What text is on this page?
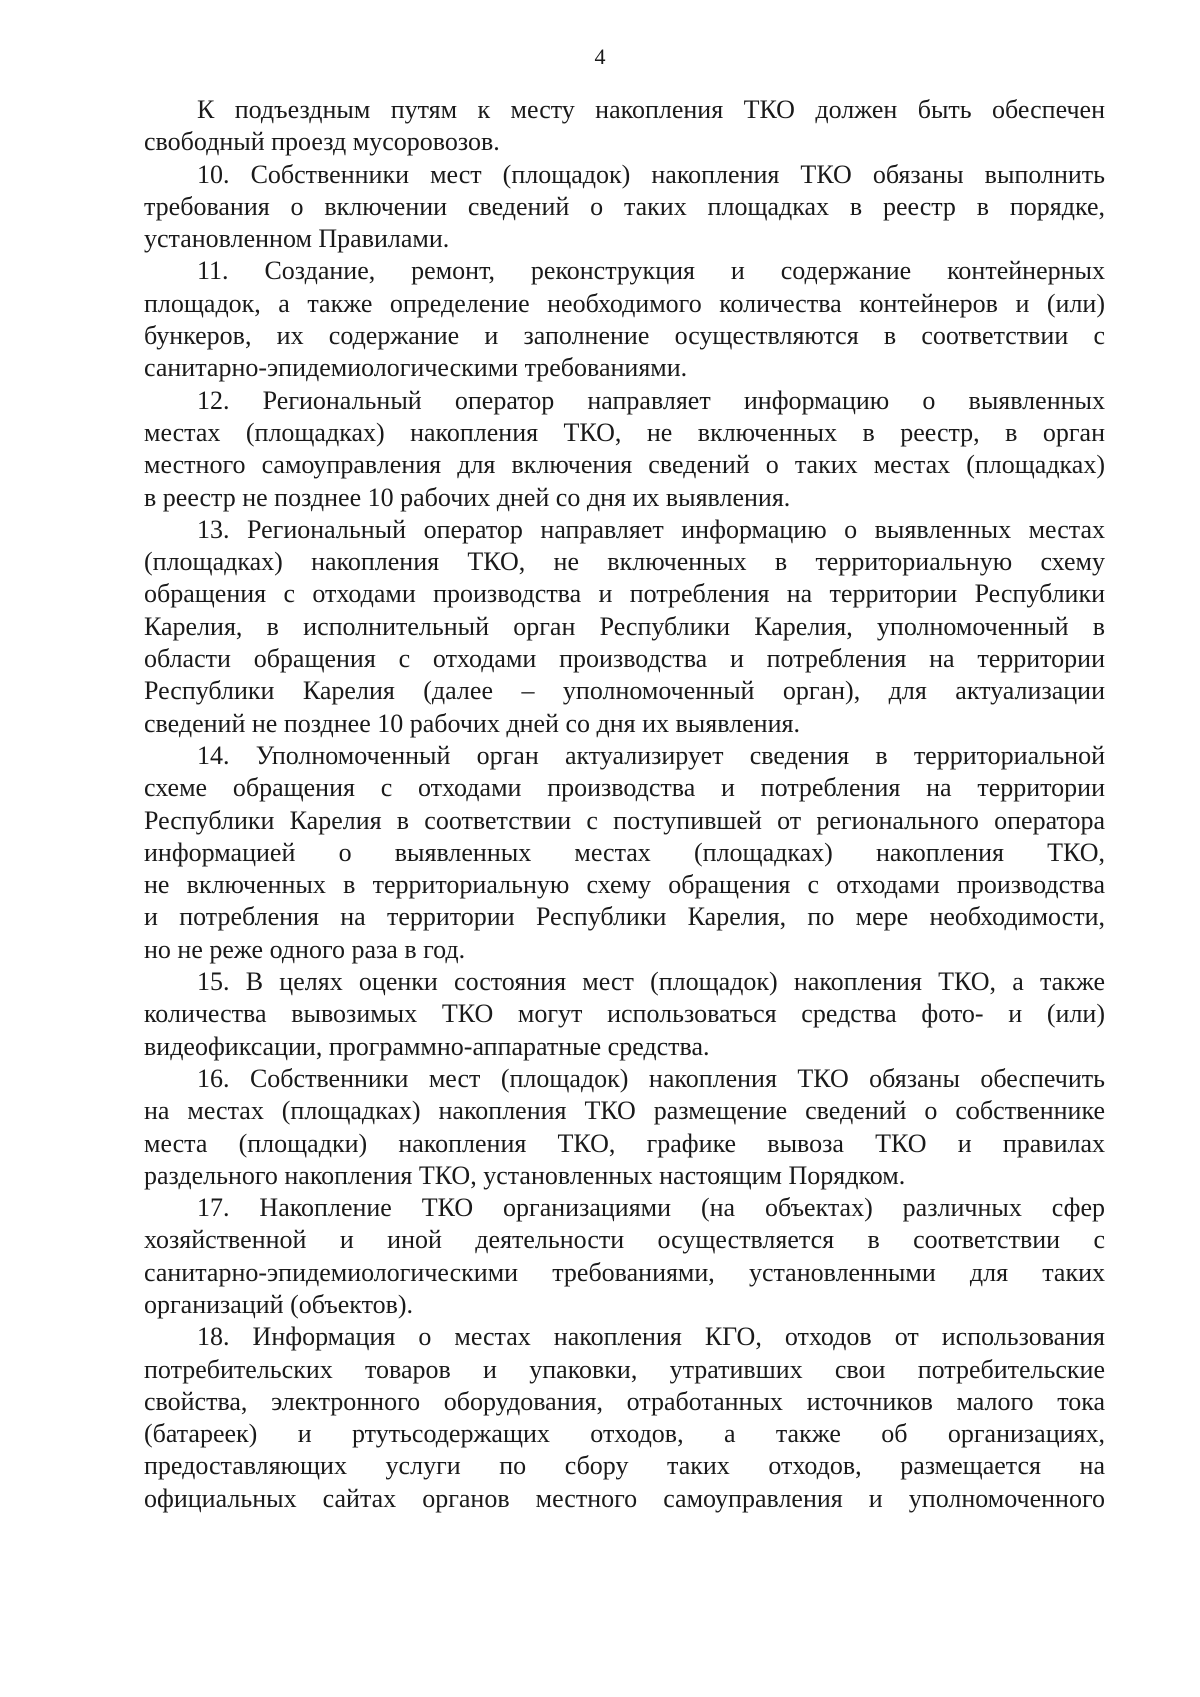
4

К подъездным путям к месту накопления ТКО должен быть обеспечен
свободный проезд мусоровозов.

10. Собственники мест (площадок) накопления ТКО обязаны выполнить
требования о включении сведений о таких площадках в реестр в порядке,
установленном Правилами.

11. Создание, ремонт, реконструкция и содержание контейнерных
площадок, а также определение необходимого количества контейнеров и (или)
бункеров, их содержание и заполнение осуществляются в соответствии с
санитарно-эпидемиологическими требованиями.

12. Региональный оператор направляет информацию о выявленных
местах (площадках) накопления ТКО, не включенных в реестр, в орган
местного самоуправления для включения сведений о таких местах (площадках)
в реестр не позднее 10 рабочих дней со дня их выявления.

13. Региональный оператор направляет информацию о выявленных местах
(площадках) накопления ТКО, не включенных в территориальную схему
обращения с отходами производства и потребления на территории Республики
Карелия, в исполнительный орган Республики Карелия, уполномоченный в
области обращения с отходами производства и потребления на территории
Республики Карелия (далее – уполномоченный орган), для актуализации
сведений не позднее 10 рабочих дней со дня их выявления.

14. Уполномоченный орган актуализирует сведения в территориальной
схеме обращения с отходами производства и потребления на территории
Республики Карелия в соответствии с поступившей от регионального оператора
информацией о выявленных местах (площадках) накопления ТКО,
не включенных в территориальную схему обращения с отходами производства
и потребления на территории Республики Карелия, по мере необходимости,
но не реже одного раза в год.

15. В целях оценки состояния мест (площадок) накопления ТКО, а также
количества вывозимых ТКО могут использоваться средства фото- и (или)
видеофиксации, программно-аппаратные средства.

16. Собственники мест (площадок) накопления ТКО обязаны обеспечить
на местах (площадках) накопления ТКО размещение сведений о собственнике
места (площадки) накопления ТКО, графике вывоза ТКО и правилах
раздельного накопления ТКО, установленных настоящим Порядком.

17. Накопление ТКО организациями (на объектах) различных сфер
хозяйственной и иной деятельности осуществляется в соответствии с
санитарно-эпидемиологическими требованиями, установленными для таких
организаций (объектов).

18. Информация о местах накопления КГО, отходов от использования
потребительских товаров и упаковки, утративших свои потребительские
свойства, электронного оборудования, отработанных источников малого тока
(батареек) и ртутьсодержащих отходов, а также об организациях,
предоставляющих услуги по сбору таких отходов, размещается на
официальных сайтах органов местного самоуправления и уполномоченного
